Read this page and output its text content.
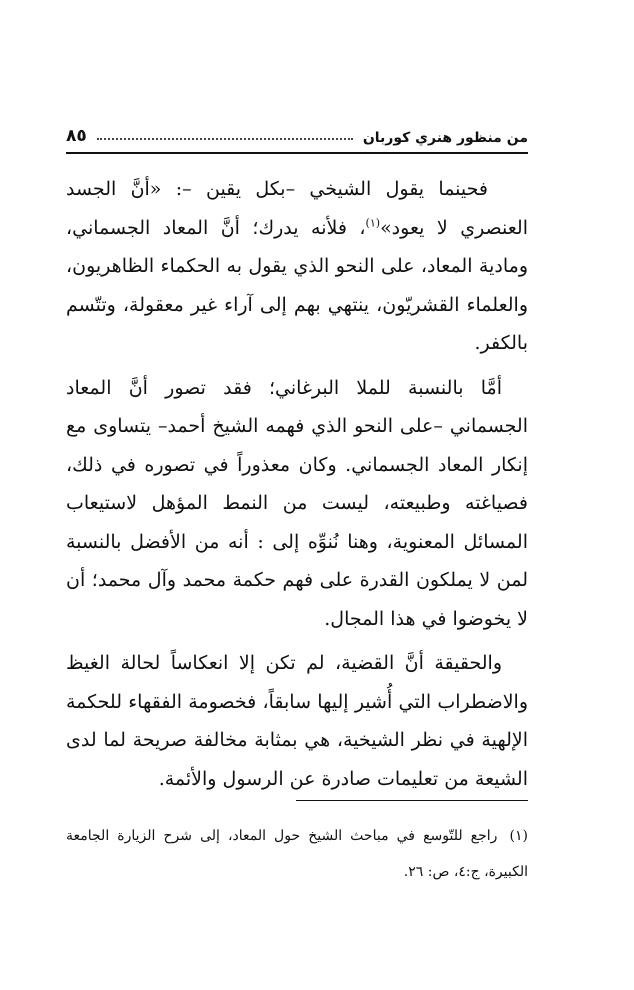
من منظور هنري كوربان
٨٥

فحينما يقول الشيخي –بكل يقين –: «أنَّ الجسد العنصري لا يعود»$^{(١)}$، فلأنه يدرك؛ أنَّ المعاد الجسماني، ومادية المعاد، على النحو الذي يقول به الحكماء الظاهريون، والعلماء القشريّون، ينتهي بهم إلى آراء غير معقولة، وتتّسم بالكفر.

أمَّا بالنسبة للملا البرغاني؛ فقد تصور أنَّ المعاد الجسماني –على النحو الذي فهمه الشيخ أحمد– يتساوى مع إنكار المعاد الجسماني. وكان معذوراً في تصوره في ذلك، فصياغته وطبيعته، ليست من النمط المؤهل لاستيعاب المسائل المعنوية، وهنا نُنوِّه إلى : أنه من الأفضل بالنسبة لمن لا يملكون القدرة على فهم حكمة محمد وآل محمد؛ أن لا يخوضوا في هذا المجال.

والحقيقة أنَّ القضية، لم تكن إلا انعكاساً لحالة الغيظ والاضطراب التي أُشير إليها سابقاً، فخصومة الفقهاء للحكمة الإلهية في نظر الشيخية، هي بمثابة مخالفة صريحة لما لدى الشيعة من تعليمات صادرة عن الرسول والأئمة.

(١) راجع للتّوسع في مباحث الشيخ حول المعاد، إلى شرح الزيارة الجامعة الكبيرة، ج:٤، ص: ٢٦.
